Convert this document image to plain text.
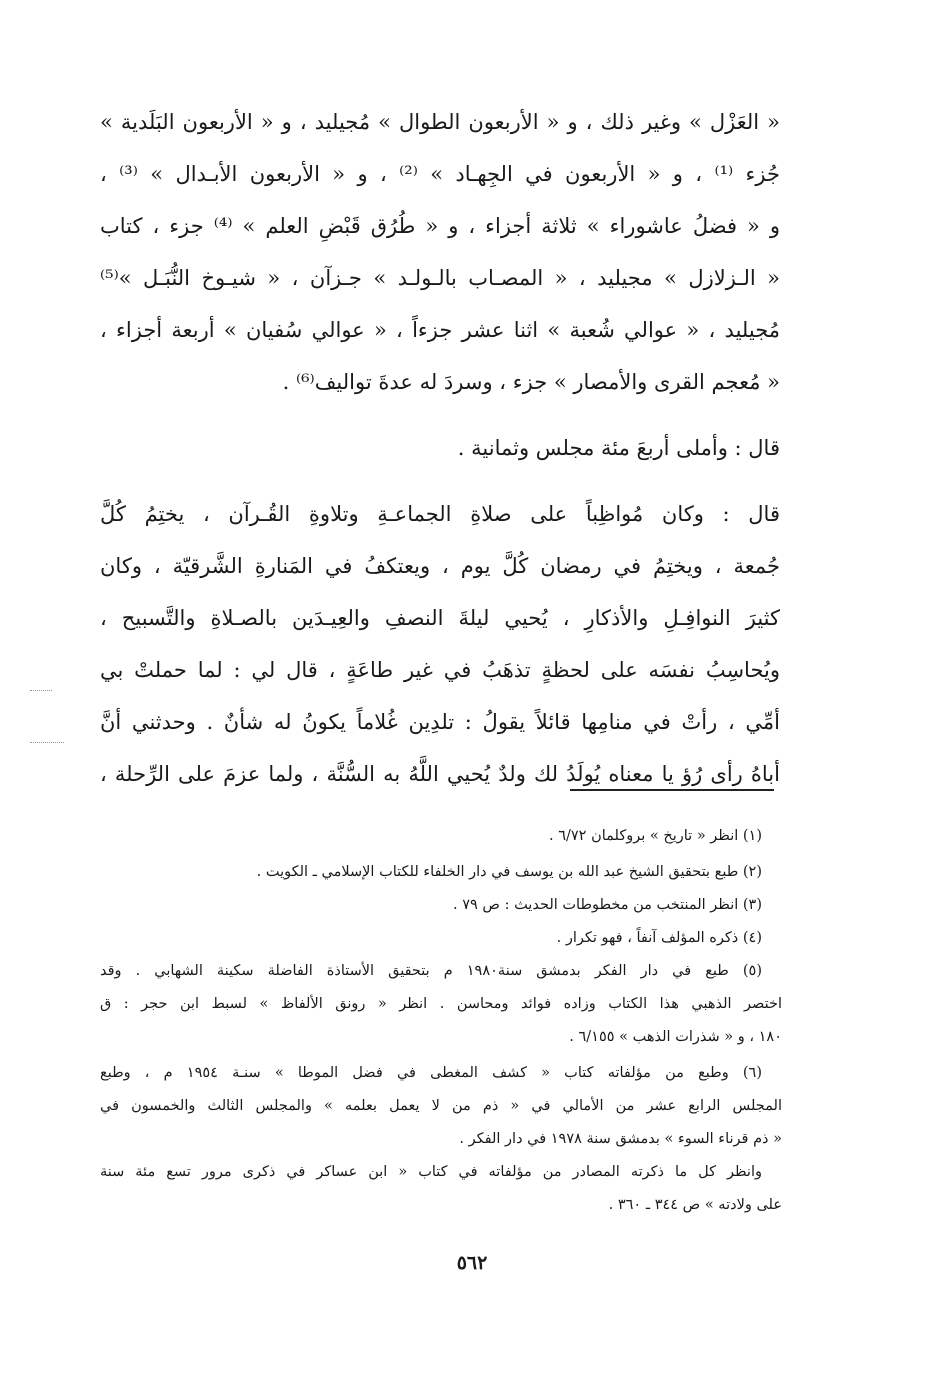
« العَزْل » وغير ذلك ، و « الأربعون الطوال » مُجيليد ، و « الأربعون البَلَدية »
جُزء ⁽¹⁾ ، و « الأربعون في الجِهـاد » ⁽²⁾ ، و « الأربعون الأبـدال » ⁽³⁾ ،
و « فضلُ عاشوراء » ثلاثة أجزاء ، و « طُرُق قَبْضِ العلم » ⁽⁴⁾ جزء ، كتاب
« الـزلازل » مجيليد ، « المصـاب بالـولـد » جـزآن ، « شيـوخ النُّبَـل »⁽⁵⁾
مُجيليد ، « عوالي شُعبة » اثنا عشر جزءاً ، « عوالي سُفيان » أربعة أجزاء ،
« مُعجم القرى والأمصار » جزء ، وسردَ له عدةَ تواليف⁽⁶⁾ .
قال : وأملى أربعَ مئة مجلس وثمانية .
قال : وكان مُواظِباً على صلاةِ الجماعـةِ وتلاوةِ القُـرآن ، يختِمُ كُلَّ
جُمعة ، ويختِمُ في رمضان كُلَّ يوم ، ويعتكفُ في المَنارةِ الشَّرقيّة ، وكان
كثيرَ النوافِـلِ والأذكارِ ، يُحيي ليلةَ النصفِ والعِيـدَين بالصـلاةِ والتَّسبيح ،
ويُحاسِبُ نفسَه على لحظةٍ تذهَبُ في غير طاعَةٍ ، قال لي : لما حملتْ بي
أمِّي ، رأتْ في منامِها قائلاً يقولُ : تلدِين غُلاماً يكونُ له شأنٌ . وحدثني أنَّ
أباهُ رأى رُؤ يا معناه يُولَدُ لك ولدٌ يُحيي اللَّهُ به السُّنَّة ، ولما عزمَ على الرِّحلة ،
(١) انظر « تاريخ » بروكلمان ٦/٧٢ .
(٢) طبع بتحقيق الشيخ عبد الله بن يوسف في دار الخلفاء للكتاب الإسلامي ـ الكويت .
(٣) انظر المنتخب من مخطوطات الحديث : ص ٧٩ .
(٤) ذكره المؤلف آنفاً ، فهو تكرار .
(٥) طبع في دار الفكر بدمشق سنة١٩٨٠ م بتحقيق الأستاذة الفاضلة سكينة الشهابي . وقد
اختصر الذهبي هذا الكتاب وزاده فوائد ومحاسن . انظر « رونق الألفاظ » لسبط ابن حجر : ق
١٨٠ ، و « شذرات الذهب » ٦/١٥٥ .
(٦) وطبع من مؤلفاته كتاب « كشف المغطى في فضل الموطا » سنـة ١٩٥٤ م ، وطبع
المجلس الرابع عشر من الأمالي في « ذم من لا يعمل بعلمه » والمجلس الثالث والخمسون في
« ذم قرناء السوء » بدمشق سنة ١٩٧٨ في دار الفكر .
وانظر كل ما ذكرته المصادر من مؤلفاته في كتاب « ابن عساكر في ذكرى مرور تسع مئة سنة
على ولادته » ص ٣٤٤ ـ ٣٦٠ .
٥٦٢
